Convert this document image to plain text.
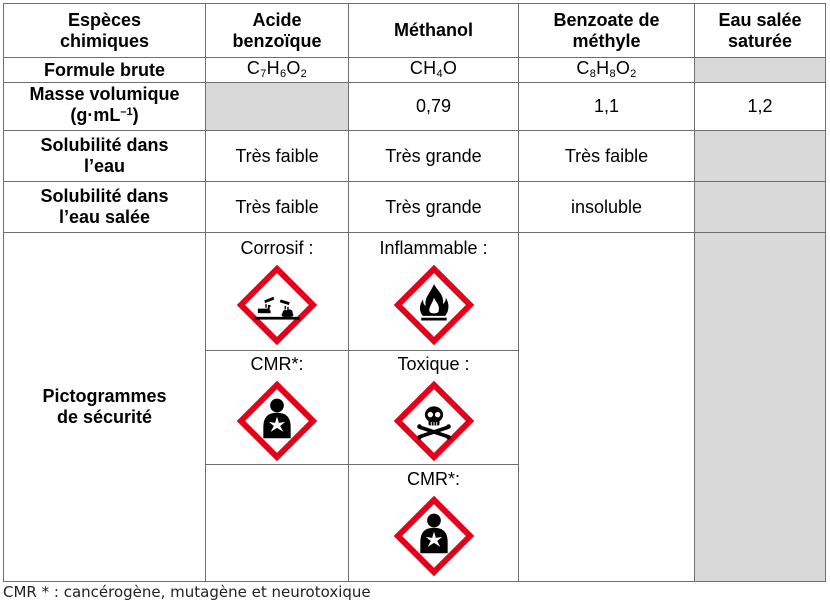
Espèces
chimiques	Acide
benzoïque	Méthanol	Benzoate de
méthyle	Eau salée
saturée
Formule brute	C7H6O2	CH4O	C8H8O2	
Masse volumique
$(g\cdot mL^{-1})$		0,79	1,1	1,2
Solubilité dans
l’eau	Très faible	Très grande	Très faible	
Solubilité dans
l’eau salée	Très faible	Très grande	insoluble	
Pictogrammes
de sécurité	Corrosif :	Inflammable :		

	CMR*:	Toxique :		

		CMR*:		
CMR * : cancérogène, mutagène et neurotoxique
